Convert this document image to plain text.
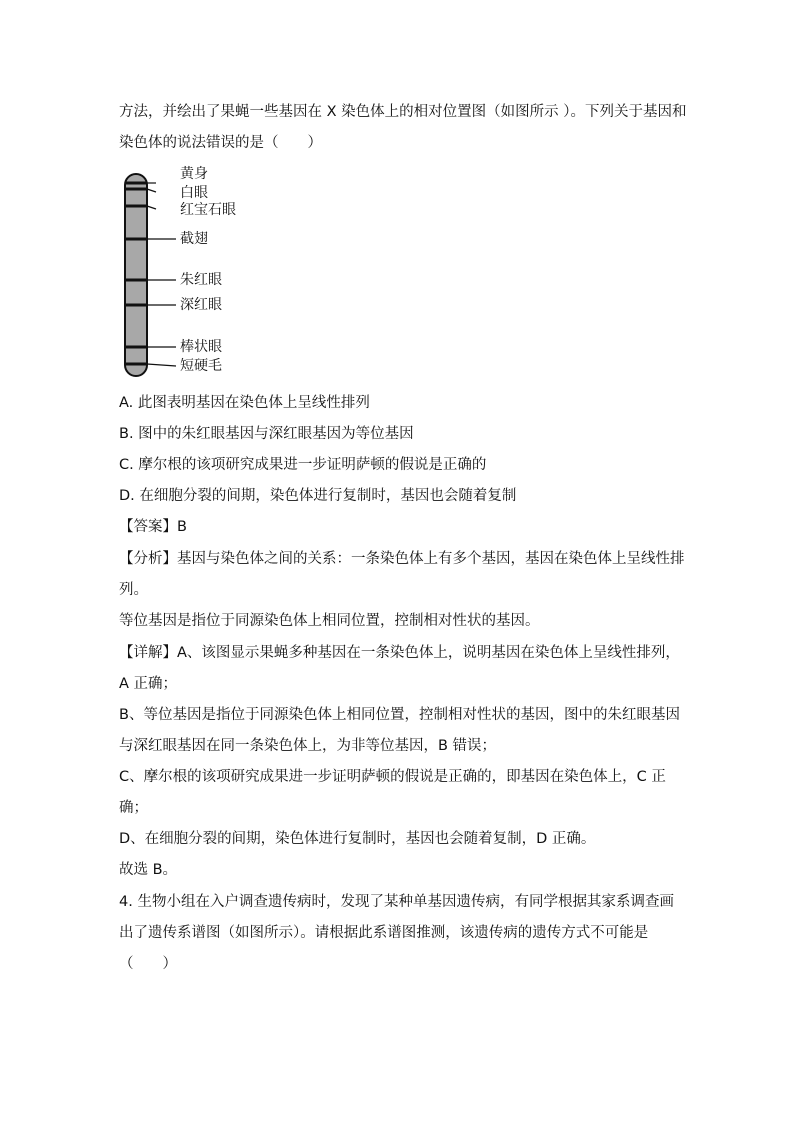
方法，并绘出了果蝇一些基因在 X 染色体上的相对位置图（如图所示 ）。下列关于基因和
染色体的说法错误的是（　　）
黄身
白眼
红宝石眼
截翅
朱红眼
深红眼
棒状眼
短硬毛
A. 此图表明基因在染色体上呈线性排列
B. 图中的朱红眼基因与深红眼基因为等位基因
C. 摩尔根的该项研究成果进一步证明萨顿的假说是正确的
D. 在细胞分裂的间期，染色体进行复制时，基因也会随着复制
【答案】B
【分析】基因与染色体之间的关系：一条染色体上有多个基因，基因在染色体上呈线性排
列。
等位基因是指位于同源染色体上相同位置，控制相对性状的基因。
【详解】A、该图显示果蝇多种基因在一条染色体上，说明基因在染色体上呈线性排列，
A 正确；
B、等位基因是指位于同源染色体上相同位置，控制相对性状的基因，图中的朱红眼基因
与深红眼基因在同一条染色体上，为非等位基因，B 错误；
C、摩尔根的该项研究成果进一步证明萨顿的假说是正确的，即基因在染色体上，C 正
确；
D、在细胞分裂的间期，染色体进行复制时，基因也会随着复制，D 正确。
故选 B。
4. 生物小组在入户调查遗传病时，发现了某种单基因遗传病，有同学根据其家系调查画
出了遗传系谱图（如图所示）。请根据此系谱图推测，该遗传病的遗传方式不可能是
（　　）
